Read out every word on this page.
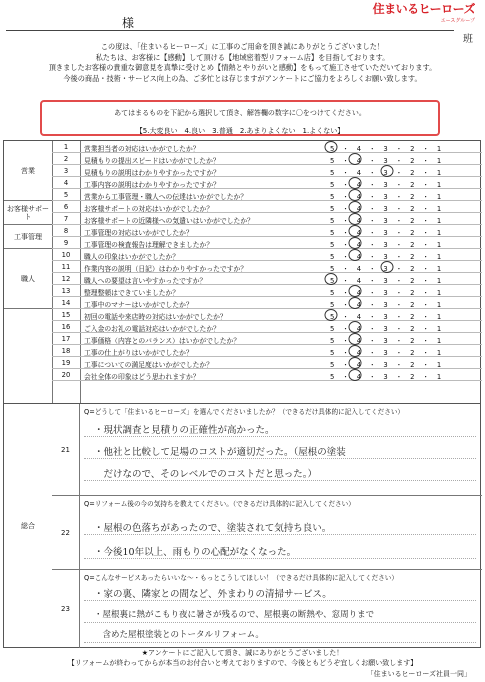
様
班
住まいるヒーローズ
エースグループ
この度は、「住まいるヒーローズ」に工事のご用命を頂き誠にありがとうございました！
私たちは、お客様に【感動】して頂ける【地域密着型リフォーム店】を目指しております。
頂きましたお客様の貴重な御意見を真摯に受けとめ【情熱とやりがいと感動】をもって施工させていただいております。
今後の商品・技術・サービス向上の為、ご多忙とは存じますがアンケートにご協力をよろしくお願い致します。
あてはまるものを下記から選択して頂き、解答欄の数字に〇をつけてください。
【5.大変良い　4.良い　3.普通　2.あまりよくない　1.よくない】
営業
お客様サポート
工事管理
職人
1	営業担当者の対応はいかがでしたか？	5　・　4　・　3　・　2　・　1
2	見積もりの提出スピードはいかがでしたか？	5　・　4　・　3　・　2　・　1
3	見積もりの説明はわかりやすかったですか？	5　・　4　・　3　・　2　・　1
4	工事内容の説明はわかりやすかったですか？	5　・　4　・　3　・　2　・　1
5	営業から工事管理・職人への伝達はいかがでしたか？	5　・　4　・　3　・　2　・　1
6	お客様サポートの対応はいかがでしたか？	5　・　4　・　3　・　2　・　1
7	お客様サポートの近隣様への気遣いはいかがでしたか？	5　・　4　・　3　・　2　・　1
8	工事管理の対応はいかがでしたか？	5　・　4　・　3　・　2　・　1
9	工事管理の検査報告は理解できましたか？	5　・　4　・　3　・　2　・　1
10	職人の印象はいかがでしたか？	5　・　4　・　3　・　2　・　1
11	作業内容の説明（日記）はわかりやすかったですか？	5　・　4　・　3　・　2　・　1
12	職人への要望は言いやすかったですか？	5　・　4　・　3　・　2　・　1
13	整理整頓はできていましたか？	5　・　4　・　3　・　2　・　1
14	工事中のマナーはいかがでしたか？	5　・　4　・　3　・　2　・　1
15	初回の電話や来店時の対応はいかがでしたか？	5　・　4　・　3　・　2　・　1
16	ご入金のお礼の電話対応はいかがでしたか？	5　・　4　・　3　・　2　・　1
17	工事価格（内容とのバランス）はいかがでしたか？	5　・　4　・　3　・　2　・　1
18	工事の仕上がりはいかがでしたか？	5　・　4　・　3　・　2　・　1
19	工事についての満足度はいかがでしたか？	5　・　4　・　3　・　2　・　1
20	会社全体の印象はどう思われますか？	5　・　4　・　3　・　2　・　1
総合
21
Q=どうして「住まいるヒーローズ」を選んでくださいましたか？（できるだけ具体的に記入してください）
・現状調査と見積りの正確性が高かった。
・他社と比較して足場のコストが適切だった。（屋根の塗装
　だけなので、そのレベルでのコストだと思った。）
22
Q=リフォーム後の今の気持ちを教えてください。（できるだけ具体的に記入してください）
・屋根の色落ちがあったので、塗装されて気持ち良い。
・今後10年以上、雨もりの心配がなくなった。
23
Q=こんなサービスあったらいいな～・もっとこうしてほしい！（できるだけ具体的に記入してください）
・家の裏、隣家との間など、外まわりの清掃サービス。
・屋根裏に熱がこもり夜に暑さが残るので、屋根裏の断熱や、窓周りまで
　含めた屋根塗装とのトータルリフォーム。
★アンケートにご記入して頂き、誠にありがとうございました！
【リフォームが終わってからが本当のお付合いと考えておりますので、今後ともどうぞ宜しくお願い致します】
「住まいるヒーローズ社員一同」
